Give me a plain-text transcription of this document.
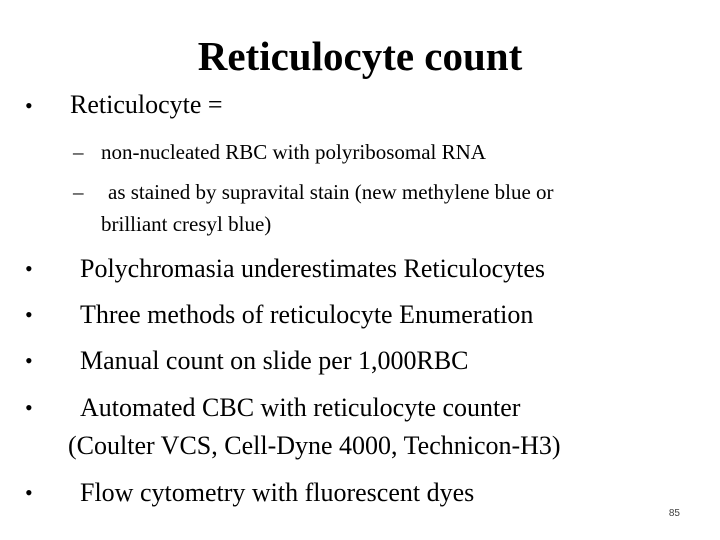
Reticulocyte count
• Reticulocyte =
– non-nucleated RBC with polyribosomal RNA
– as stained by supravital stain (new methylene blue or
brilliant cresyl blue)
• Polychromasia underestimates Reticulocytes
• Three methods of reticulocyte Enumeration
• Manual count on slide per 1,000RBC
• Automated CBC with reticulocyte counter
(Coulter VCS, Cell-Dyne 4000, Technicon-H3)
• Flow cytometry with fluorescent dyes
85
